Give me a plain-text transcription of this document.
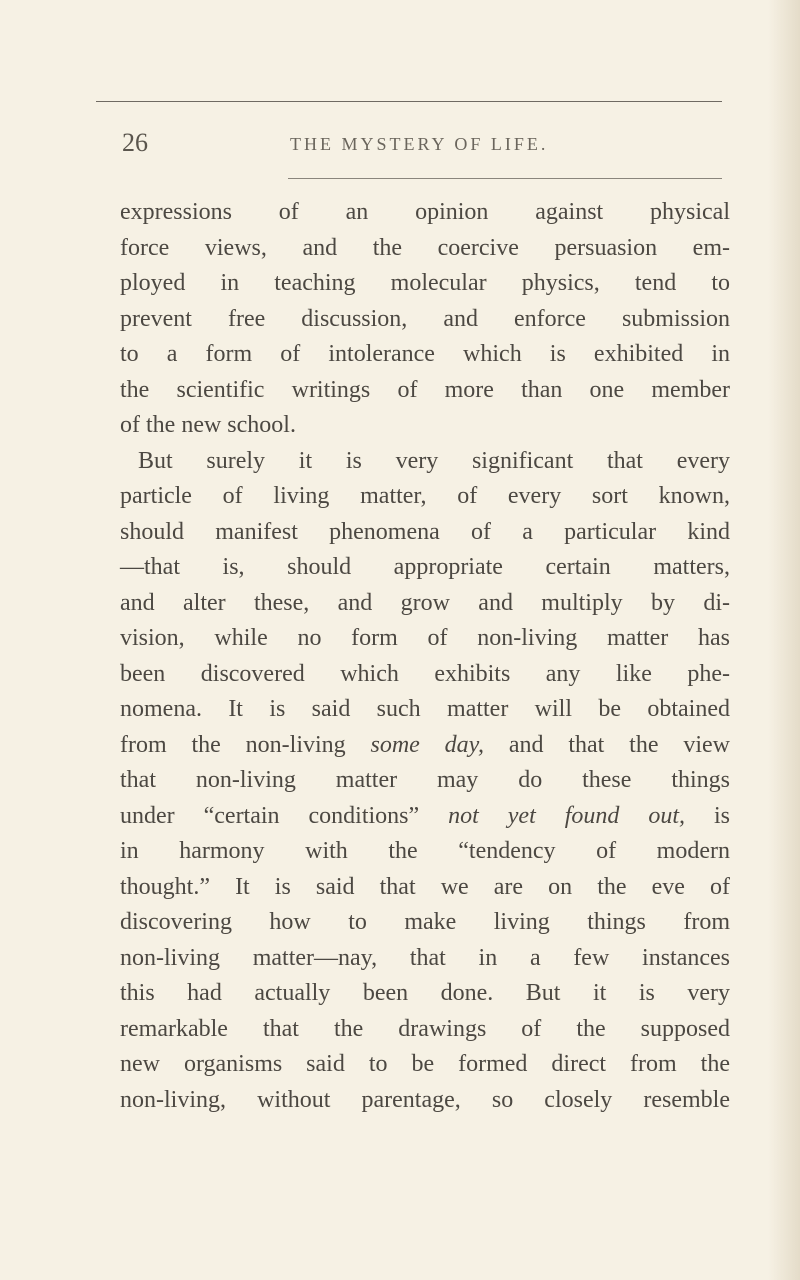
26	THE MYSTERY OF LIFE.
expressions of an opinion against physical
force views, and the coercive persuasion em-
ployed in teaching molecular physics, tend to
prevent free discussion, and enforce submission
to a form of intolerance which is exhibited in
the scientific writings of more than one member
of the new school.
But surely it is very significant that every
particle of living matter, of every sort known,
should manifest phenomena of a particular kind
—that is, should appropriate certain matters,
and alter these, and grow and multiply by di-
vision, while no form of non-living matter has
been discovered which exhibits any like phe-
nomena. It is said such matter will be obtained
from the non-living some day, and that the view
that non-living matter may do these things
under “certain conditions” not yet found out, is
in harmony with the “tendency of modern
thought.” It is said that we are on the eve of
discovering how to make living things from
non-living matter—nay, that in a few instances
this had actually been done. But it is very
remarkable that the drawings of the supposed
new organisms said to be formed direct from the
non-living, without parentage, so closely resemble
